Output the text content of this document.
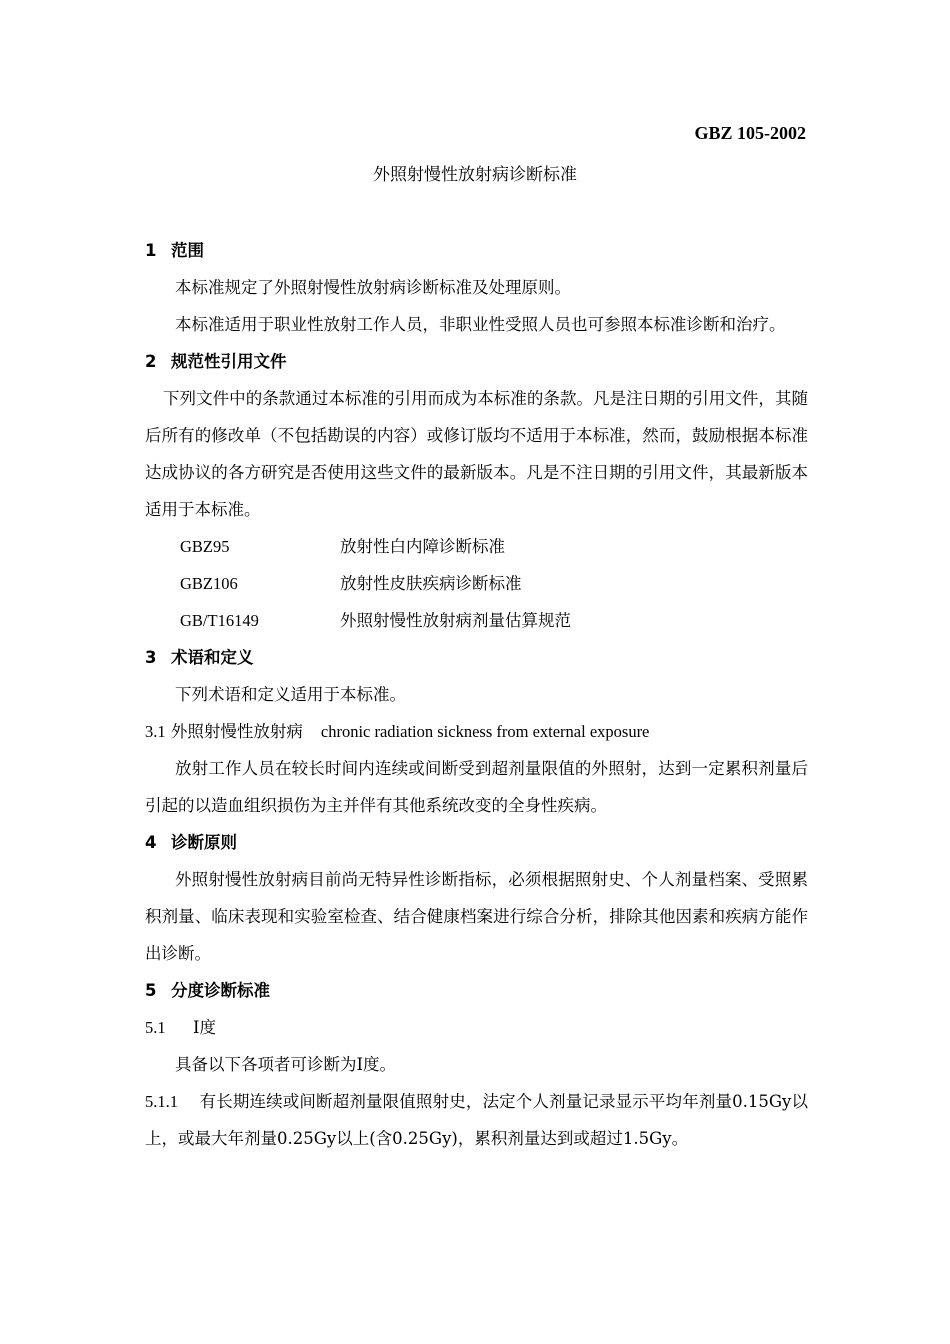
GBZ 105-2002
外照射慢性放射病诊断标准
1 范围
本标准规定了外照射慢性放射病诊断标准及处理原则。
本标准适用于职业性放射工作人员，非职业性受照人员也可参照本标准诊断和治疗。
2 规范性引用文件
下列文件中的条款通过本标准的引用而成为本标准的条款。凡是注日期的引用文件，其随后所有的修改单（不包括勘误的内容）或修订版均不适用于本标准，然而，鼓励根据本标准达成协议的各方研究是否使用这些文件的最新版本。凡是不注日期的引用文件，其最新版本适用于本标准。
GBZ95	放射性白内障诊断标准
GBZ106	放射性皮肤疾病诊断标准
GB/T16149	外照射慢性放射病剂量估算规范
3 术语和定义
下列术语和定义适用于本标准。
3.1 外照射慢性放射病 chronic radiation sickness from external exposure
放射工作人员在较长时间内连续或间断受到超剂量限值的外照射，达到一定累积剂量后引起的以造血组织损伤为主并伴有其他系统改变的全身性疾病。
4 诊断原则
外照射慢性放射病目前尚无特异性诊断指标，必须根据照射史、个人剂量档案、受照累积剂量、临床表现和实验室检查、结合健康档案进行综合分析，排除其他因素和疾病方能作出诊断。
5 分度诊断标准
5.1 Ⅰ度
具备以下各项者可诊断为I度。
5.1.1 有长期连续或间断超剂量限值照射史，法定个人剂量记录显示平均年剂量0.15Gy以上，或最大年剂量0.25Gy以上(含0.25Gy)，累积剂量达到或超过1.5Gy。
